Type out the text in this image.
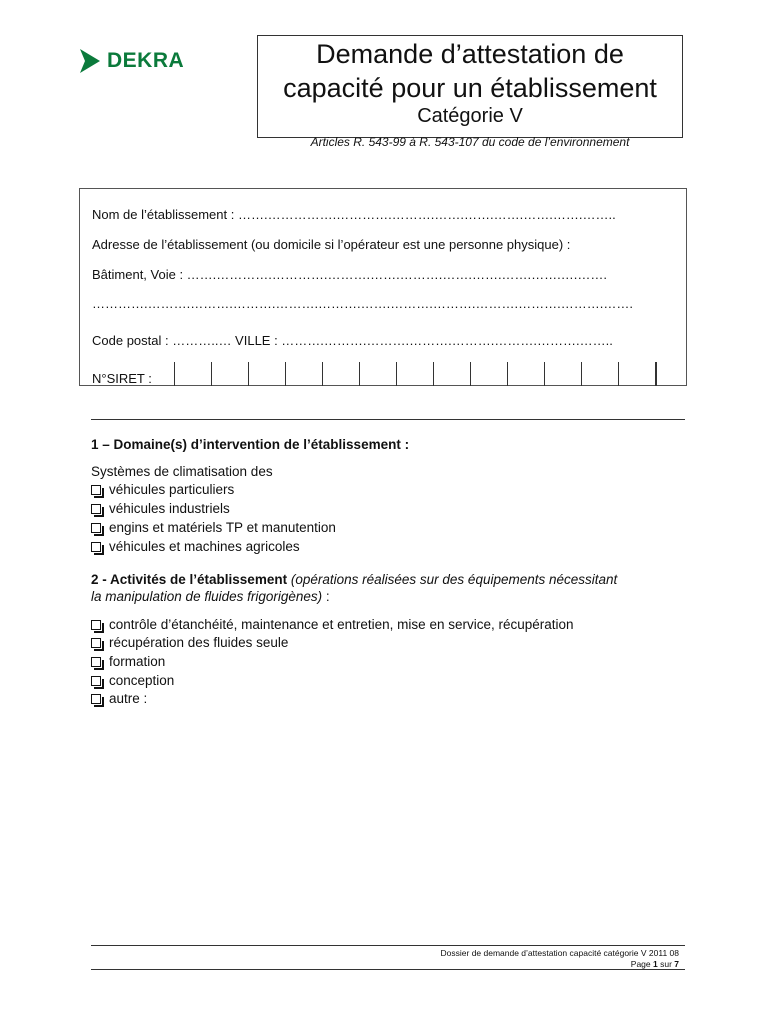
DEKRA	Demande d’attestation de
capacité pour un établissement
Catégorie V
Articles R. 543-99 à R. 543-107 du code de l’environnement
Nom de l’établissement : …….…………….………….……….…….…….…….…….…….……..
Adresse de l’établissement (ou domicile si l’opérateur est une personne physique) :
Bâtiment, Voie : …….………….………….……….…….……….…….…….…….…….….…….
………….……….……….……….……….……….…….……….……….……….……….……….…….
Code postal : ………..… VILLE : ……….……….……….……….……….……….……….……..
N°SIRET :
1 – Domaine(s) d’intervention de l’établissement :
Systèmes de climatisation des
véhicules particuliers
véhicules industriels
engins et matériels TP et manutention
véhicules et machines agricoles
2 - Activités de l’établissement (opérations réalisées sur des équipements nécessitant
la manipulation de fluides frigorigènes) :
contrôle d’étanchéité, maintenance et entretien, mise en service, récupération
récupération des fluides seule
formation
conception
autre :
Dossier de demande d’attestation capacité catégorie V 2011 08
Page 1 sur 7
